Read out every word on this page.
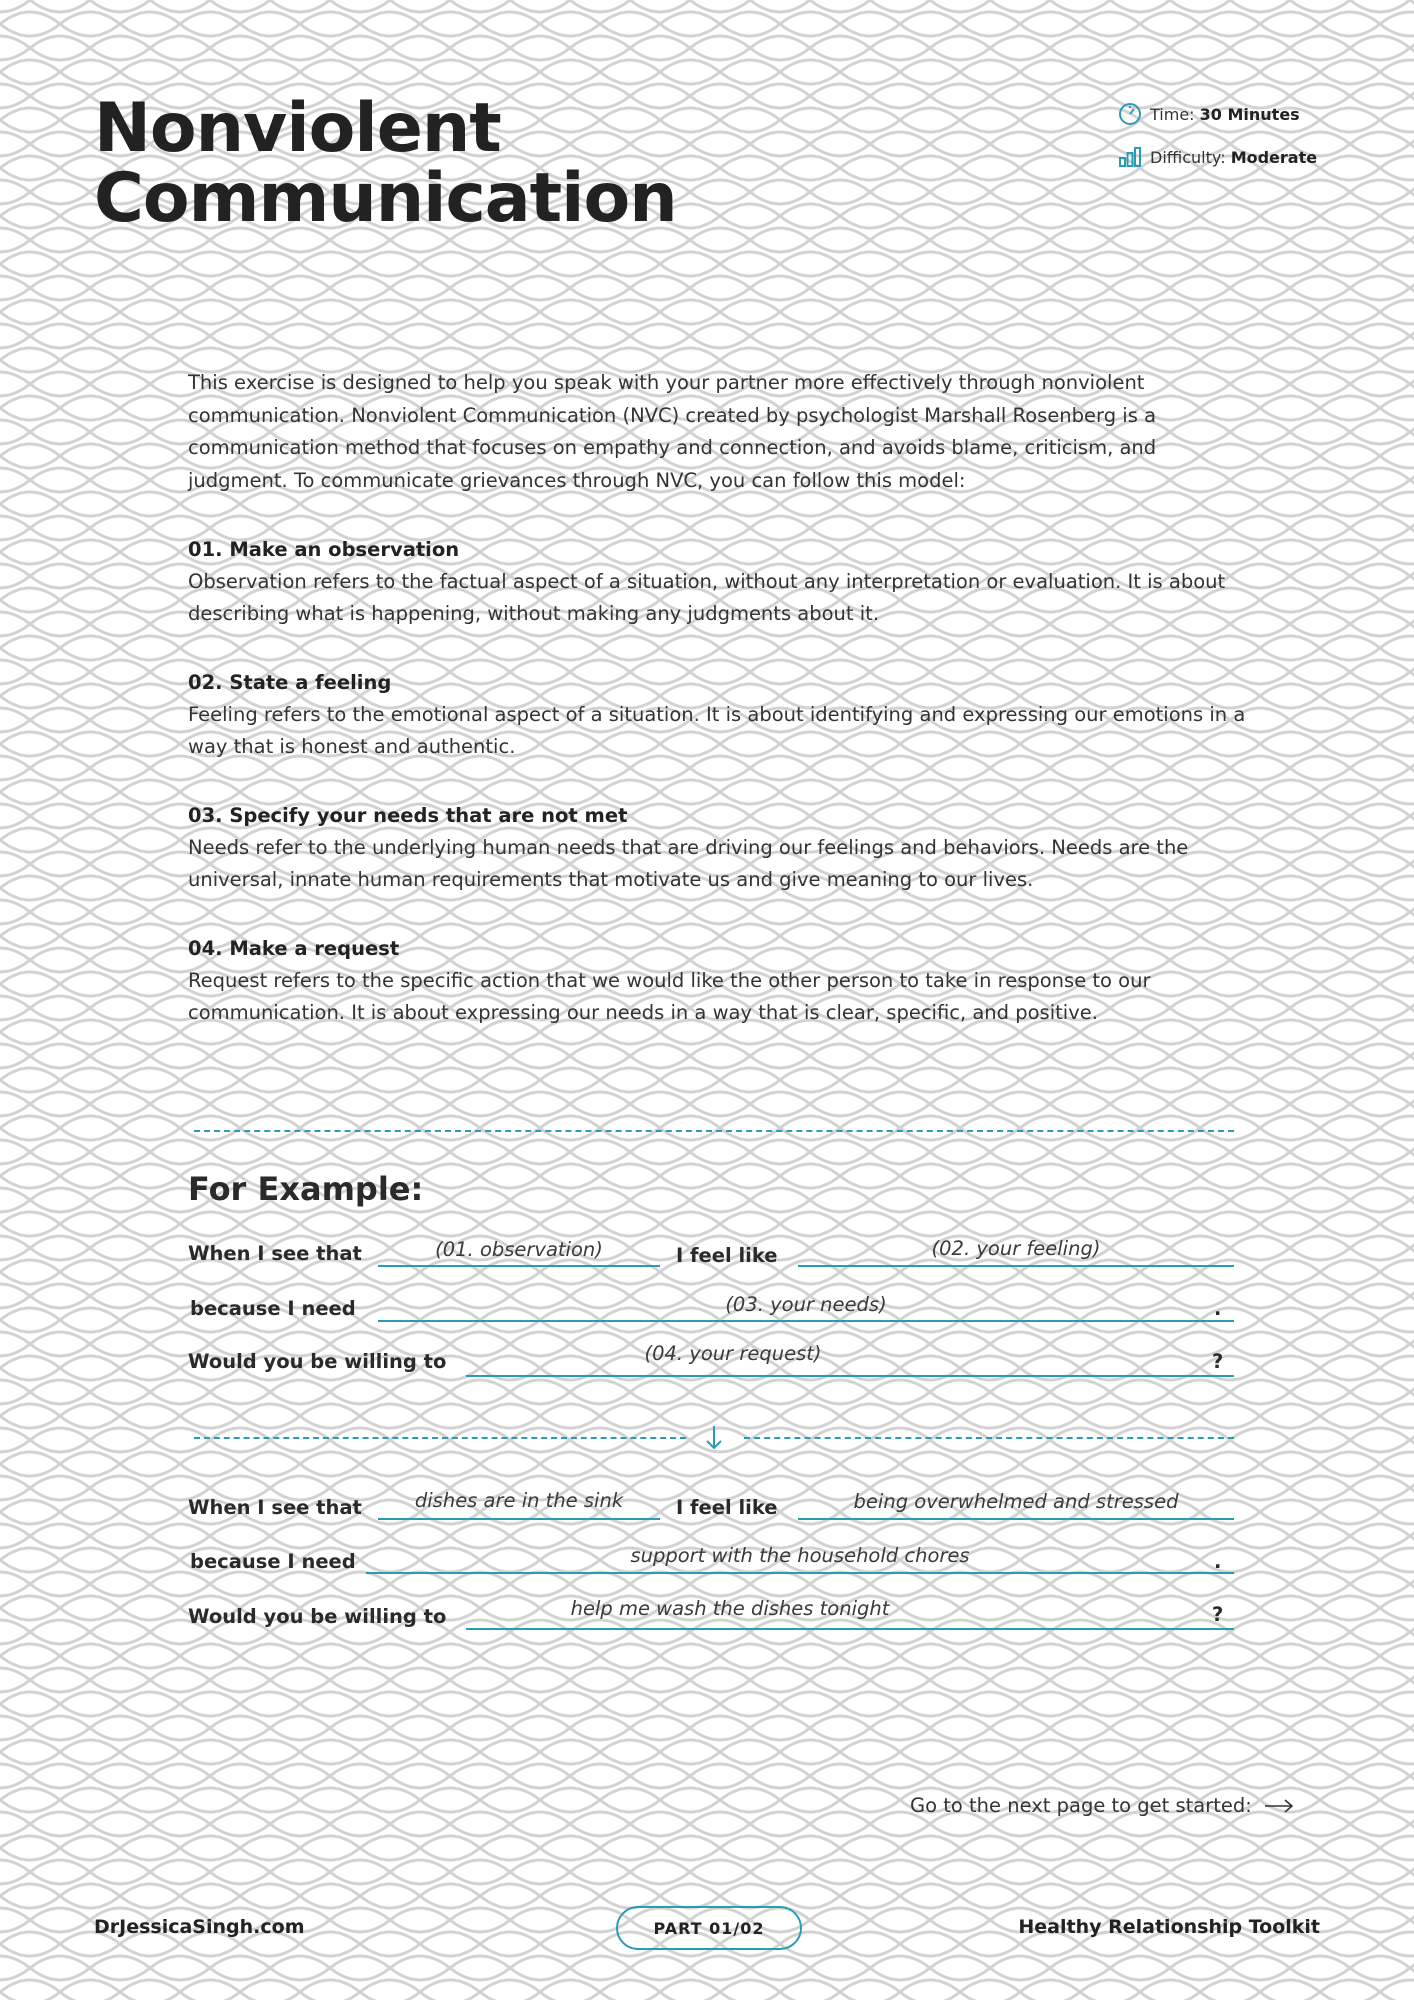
Nonviolent
Communication
Time:
30 Minutes
Difficulty:
Moderate
This exercise is designed to help you speak with your partner more effectively through nonviolent communication. Nonviolent Communication (NVC) created by psychologist Marshall Rosenberg is a communication method that focuses on empathy and connection, and avoids blame, criticism, and judgment. To communicate grievances through NVC, you can follow this model:
01. Make an observation
Observation refers to the factual aspect of a situation, without any interpretation or evaluation. It is about describing what is happening, without making any judgments about it.
02. State a feeling
Feeling refers to the emotional aspect of a situation. It is about identifying and expressing our emotions in a way that is honest and authentic.
03. Specify your needs that are not met
Needs refer to the underlying human needs that are driving our feelings and behaviors. Needs are the universal, innate human requirements that motivate us and give meaning to our lives.
04. Make a request
Request refers to the specific action that we would like the other person to take in response to our communication. It is about expressing our needs in a way that is clear, specific, and positive.
For Example:
When I see that	(01. observation)	I feel like	(02. your feeling)
because I need	(03. your needs)	.
Would you be willing to	(04. your request)	?
When I see that	dishes are in the sink	I feel like	being overwhelmed and stressed
because I need	support with the household chores	.
Would you be willing to	help me wash the dishes tonight	?
Go to the next page to get started:
DrJessicaSingh.com	PART 01/02	Healthy Relationship Toolkit
